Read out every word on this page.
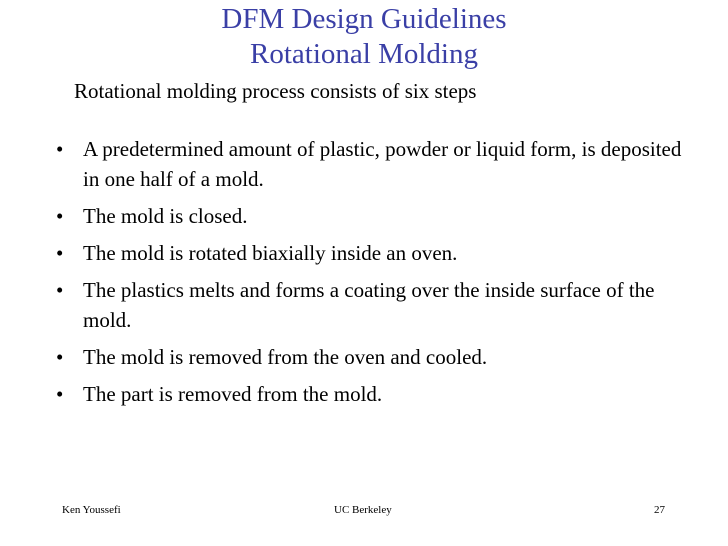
DFM Design Guidelines
Rotational Molding
Rotational molding process consists of six steps
• A predetermined amount of plastic, powder or liquid form, is deposited in one half of a mold.
• The mold is closed.
• The mold is rotated biaxially inside an oven.
• The plastics melts and forms a coating over the inside surface of the mold.
• The mold is removed from the oven and cooled.
• The part is removed from the mold.
Ken Youssefi	UC Berkeley	27
